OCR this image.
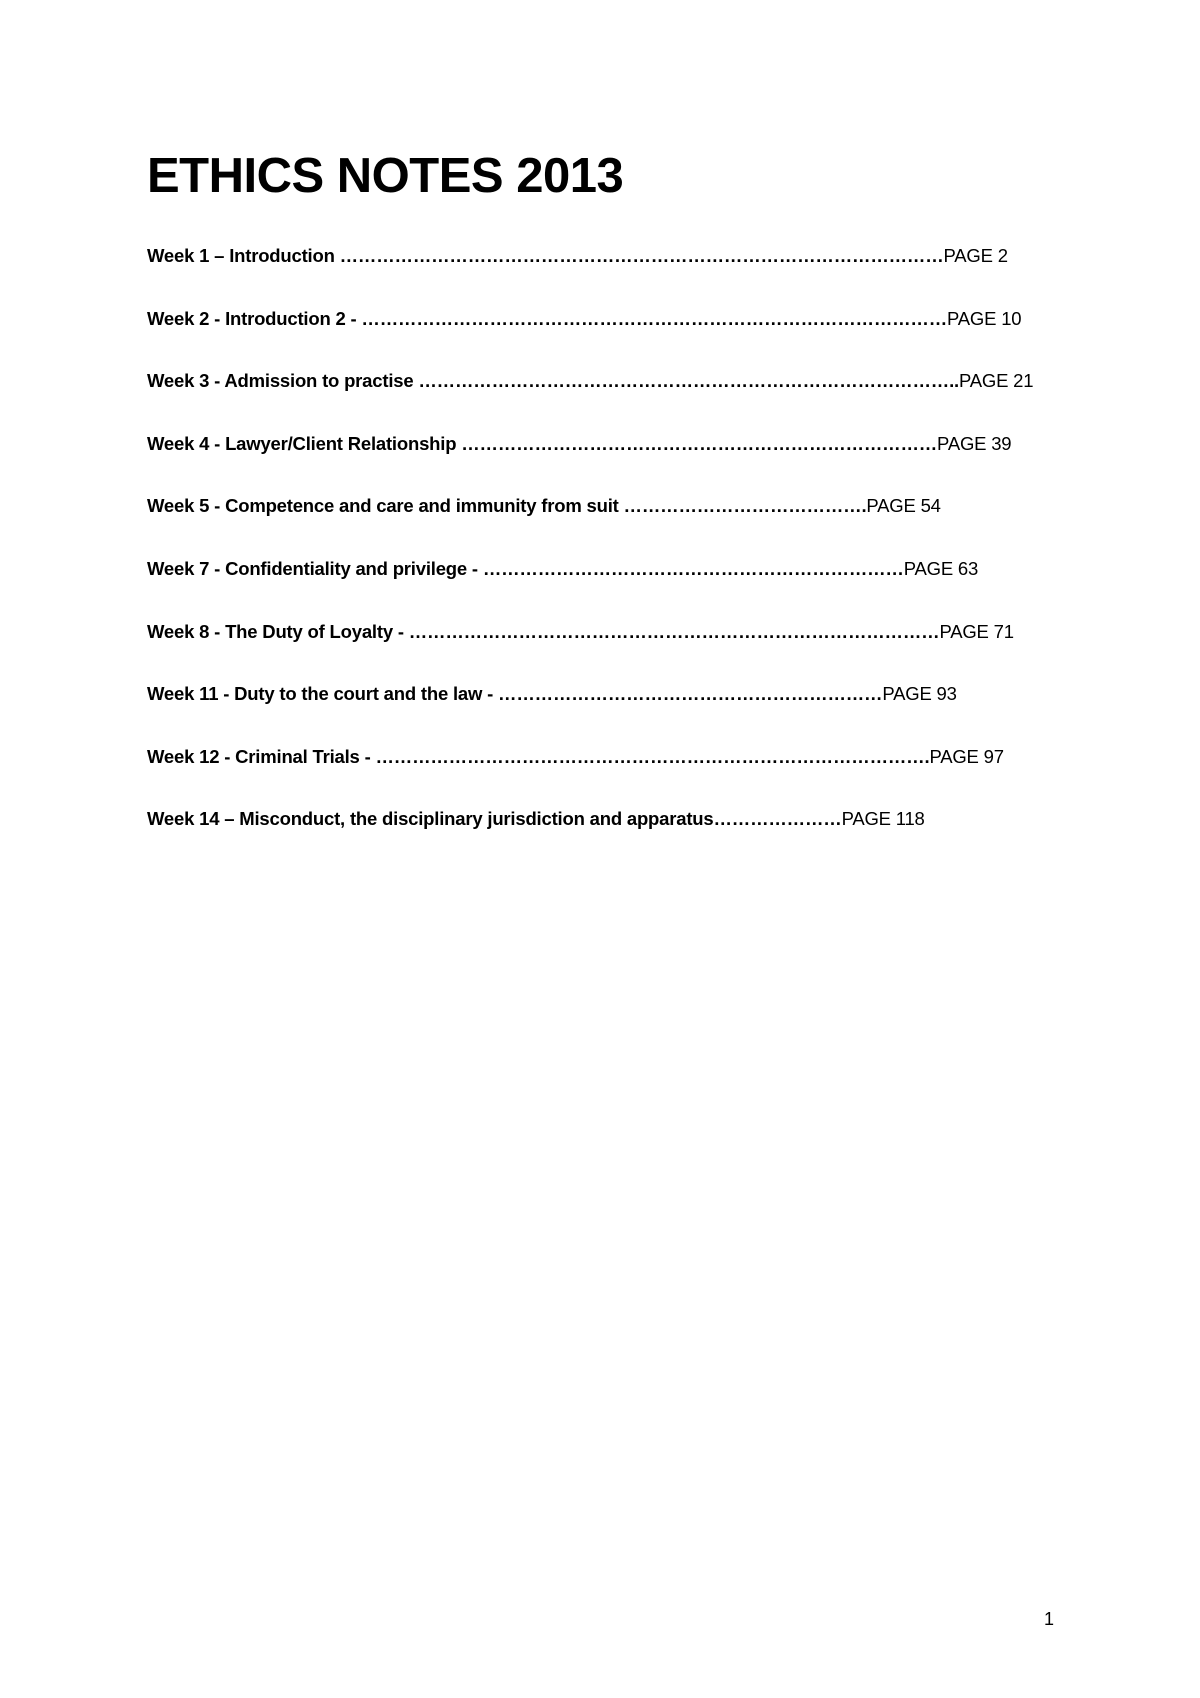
ETHICS NOTES 2013
Week 1 – Introduction ………………………………………………………………………………………PAGE 2
Week 2 - Introduction 2 - ……………………………………………………………………………………PAGE 10
Week 3 - Admission to practise ……………………………………………………………………………..PAGE 21
Week 4 - Lawyer/Client Relationship ……………………………………………………………………PAGE 39
Week 5 - Competence and care and immunity from suit ………………………………….PAGE 54
Week 7 - Confidentiality and privilege - ……………………………………………………………PAGE 63
Week 8 - The Duty of Loyalty - ……………………………………………………………………………PAGE 71
Week 11 - Duty to the court and the law - ………………………………………………………PAGE 93
Week 12 - Criminal Trials - ……………………………………………………………………………….PAGE 97
Week 14 – Misconduct, the disciplinary jurisdiction and apparatus…………………PAGE 118
1
